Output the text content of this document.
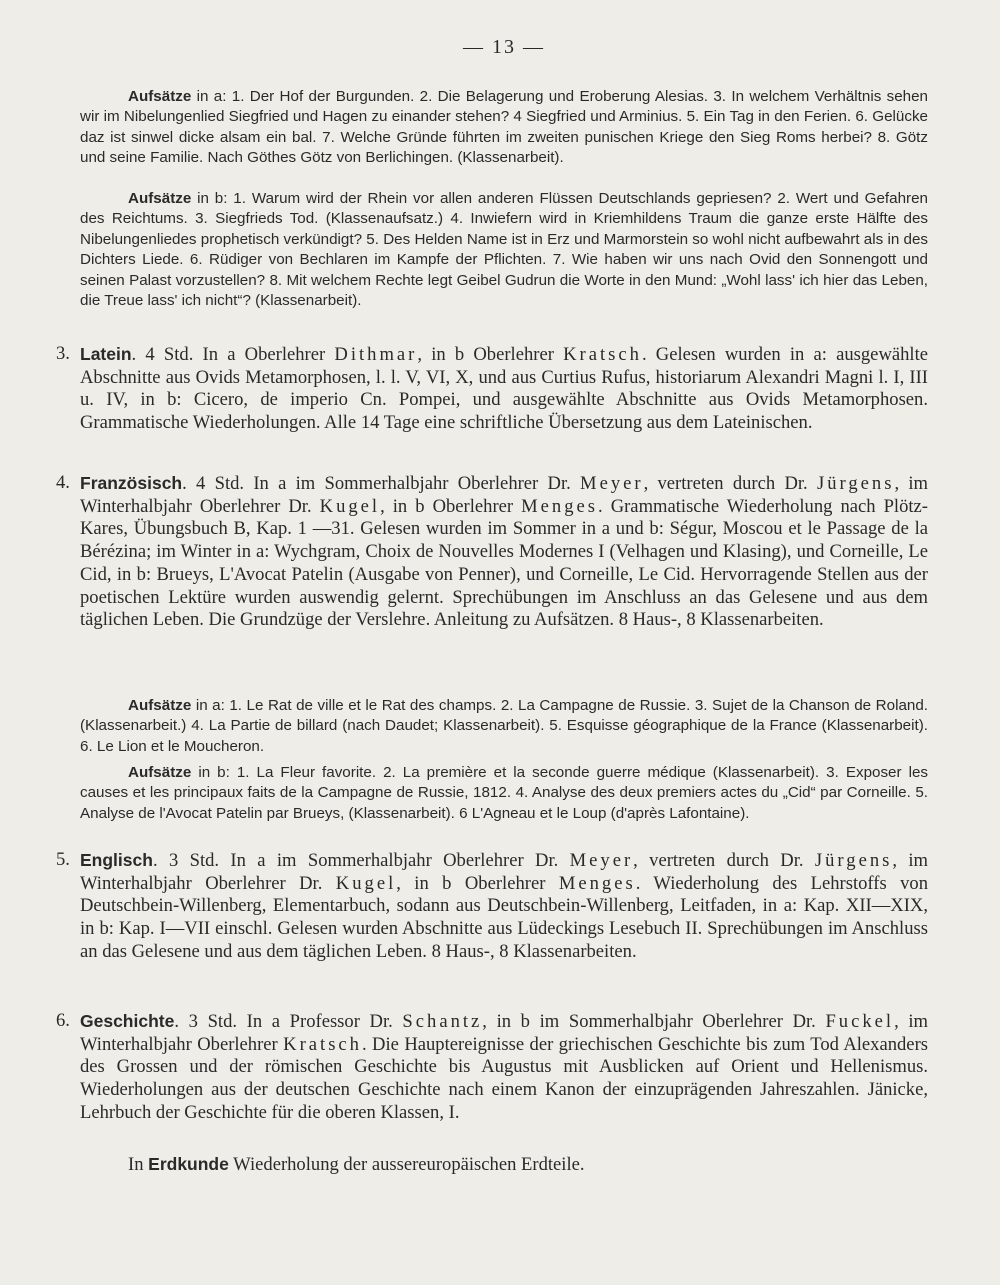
— 13 —

Aufsätze in a: 1. Der Hof der Burgunden. 2. Die Belagerung und Eroberung Alesias. 3. In welchem Verhältnis sehen wir im Nibelungenlied Siegfried und Hagen zu einander stehen? 4 Siegfried und Arminius. 5. Ein Tag in den Ferien. 6. Gelücke daz ist sinwel dicke alsam ein bal. 7. Welche Gründe führten im zweiten punischen Kriege den Sieg Roms herbei? 8. Götz und seine Familie. Nach Göthes Götz von Berlichingen. (Klassenarbeit).

Aufsätze in b: 1. Warum wird der Rhein vor allen anderen Flüssen Deutschlands gepriesen? 2. Wert und Gefahren des Reichtums. 3. Siegfrieds Tod. (Klassenaufsatz.) 4. Inwiefern wird in Kriemhildens Traum die ganze erste Hälfte des Nibelungenliedes prophetisch verkündigt? 5. Des Helden Name ist in Erz und Marmorstein so wohl nicht aufbewahrt als in des Dichters Liede. 6. Rüdiger von Bechlaren im Kampfe der Pflichten. 7. Wie haben wir uns nach Ovid den Sonnengott und seinen Palast vorzustellen? 8. Mit welchem Rechte legt Geibel Gudrun die Worte in den Mund: „Wohl lass' ich hier das Leben, die Treue lass' ich nicht“? (Klassenarbeit).

3. Latein. 4 Std. In a Oberlehrer Dithmar, in b Oberlehrer Kratsch. Gelesen wurden in a: ausgewählte Abschnitte aus Ovids Metamorphosen, l. l. V, VI, X, und aus Curtius Rufus, historiarum Alexandri Magni l. I, III u. IV, in b: Cicero, de imperio Cn. Pompei, und ausgewählte Abschnitte aus Ovids Metamorphosen. Grammatische Wiederholungen. Alle 14 Tage eine schriftliche Übersetzung aus dem Lateinischen.

4. Französisch. 4 Std. In a im Sommerhalbjahr Oberlehrer Dr. Meyer, vertreten durch Dr. Jürgens, im Winterhalbjahr Oberlehrer Dr. Kugel, in b Oberlehrer Menges. Grammatische Wiederholung nach Plötz-Kares, Übungsbuch B, Kap. 1 —31. Gelesen wurden im Sommer in a und b: Ségur, Moscou et le Passage de la Bérézina; im Winter in a: Wychgram, Choix de Nouvelles Modernes I (Velhagen und Klasing), und Corneille, Le Cid, in b: Brueys, L'Avocat Patelin (Ausgabe von Penner), und Corneille, Le Cid. Hervorragende Stellen aus der poetischen Lektüre wurden auswendig gelernt. Sprechübungen im Anschluss an das Gelesene und aus dem täglichen Leben. Die Grundzüge der Verslehre. Anleitung zu Aufsätzen. 8 Haus-, 8 Klassenarbeiten.

Aufsätze in a: 1. Le Rat de ville et le Rat des champs. 2. La Campagne de Russie. 3. Sujet de la Chanson de Roland. (Klassenarbeit.) 4. La Partie de billard (nach Daudet; Klassenarbeit). 5. Esquisse géographique de la France (Klassenarbeit). 6. Le Lion et le Moucheron.

Aufsätze in b: 1. La Fleur favorite. 2. La première et la seconde guerre médique (Klassenarbeit). 3. Exposer les causes et les principaux faits de la Campagne de Russie, 1812. 4. Analyse des deux premiers actes du „Cid“ par Corneille. 5. Analyse de l'Avocat Patelin par Brueys, (Klassenarbeit). 6 L'Agneau et le Loup (d'après Lafontaine).

5. Englisch. 3 Std. In a im Sommerhalbjahr Oberlehrer Dr. Meyer, vertreten durch Dr. Jürgens, im Winterhalbjahr Oberlehrer Dr. Kugel, in b Oberlehrer Menges. Wiederholung des Lehrstoffs von Deutschbein-Willenberg, Elementarbuch, sodann aus Deutschbein-Willenberg, Leitfaden, in a: Kap. XII—XIX, in b: Kap. I—VII einschl. Gelesen wurden Abschnitte aus Lüdeckings Lesebuch II. Sprechübungen im Anschluss an das Gelesene und aus dem täglichen Leben. 8 Haus-, 8 Klassenarbeiten.

6. Geschichte. 3 Std. In a Professor Dr. Schantz, in b im Sommerhalbjahr Oberlehrer Dr. Fuckel, im Winterhalbjahr Oberlehrer Kratsch. Die Hauptereignisse der griechischen Geschichte bis zum Tod Alexanders des Grossen und der römischen Geschichte bis Augustus mit Ausblicken auf Orient und Hellenismus. Wiederholungen aus der deutschen Geschichte nach einem Kanon der einzuprägenden Jahreszahlen. Jänicke, Lehrbuch der Geschichte für die oberen Klassen, I.

In Erdkunde Wiederholung der aussereuropäischen Erdteile.
